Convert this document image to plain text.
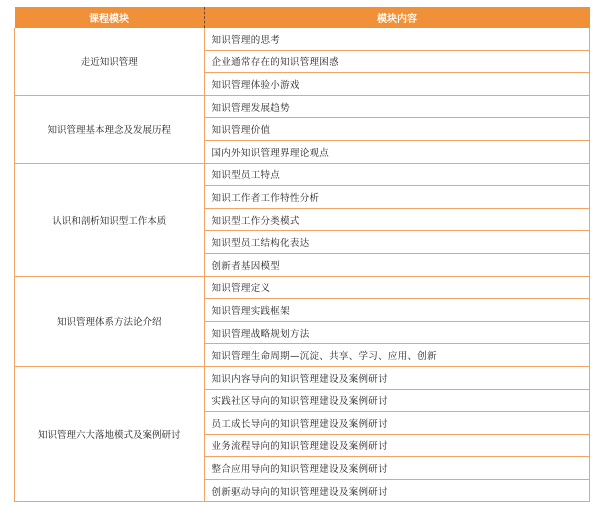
课程模块	模块内容
走近知识管理	知识管理的思考
	企业通常存在的知识管理困惑
	知识管理体验小游戏
知识管理基本理念及发展历程	知识管理发展趋势
	知识管理价值
	国内外知识管理界理论观点
认识和剖析知识型工作本质	知识型员工特点
	知识工作者工作特性分析
	知识型工作分类模式
	知识型员工结构化表达
	创新者基因模型
知识管理体系方法论介绍	知识管理定义
	知识管理实践框架
	知识管理战略规划方法
	知识管理生命周期—沉淀、共享、学习、应用、创新
知识管理六大落地模式及案例研讨	知识内容导向的知识管理建设及案例研讨
	实践社区导向的知识管理建设及案例研讨
	员工成长导向的知识管理建设及案例研讨
	业务流程导向的知识管理建设及案例研讨
	整合应用导向的知识管理建设及案例研讨
	创新驱动导向的知识管理建设及案例研讨
